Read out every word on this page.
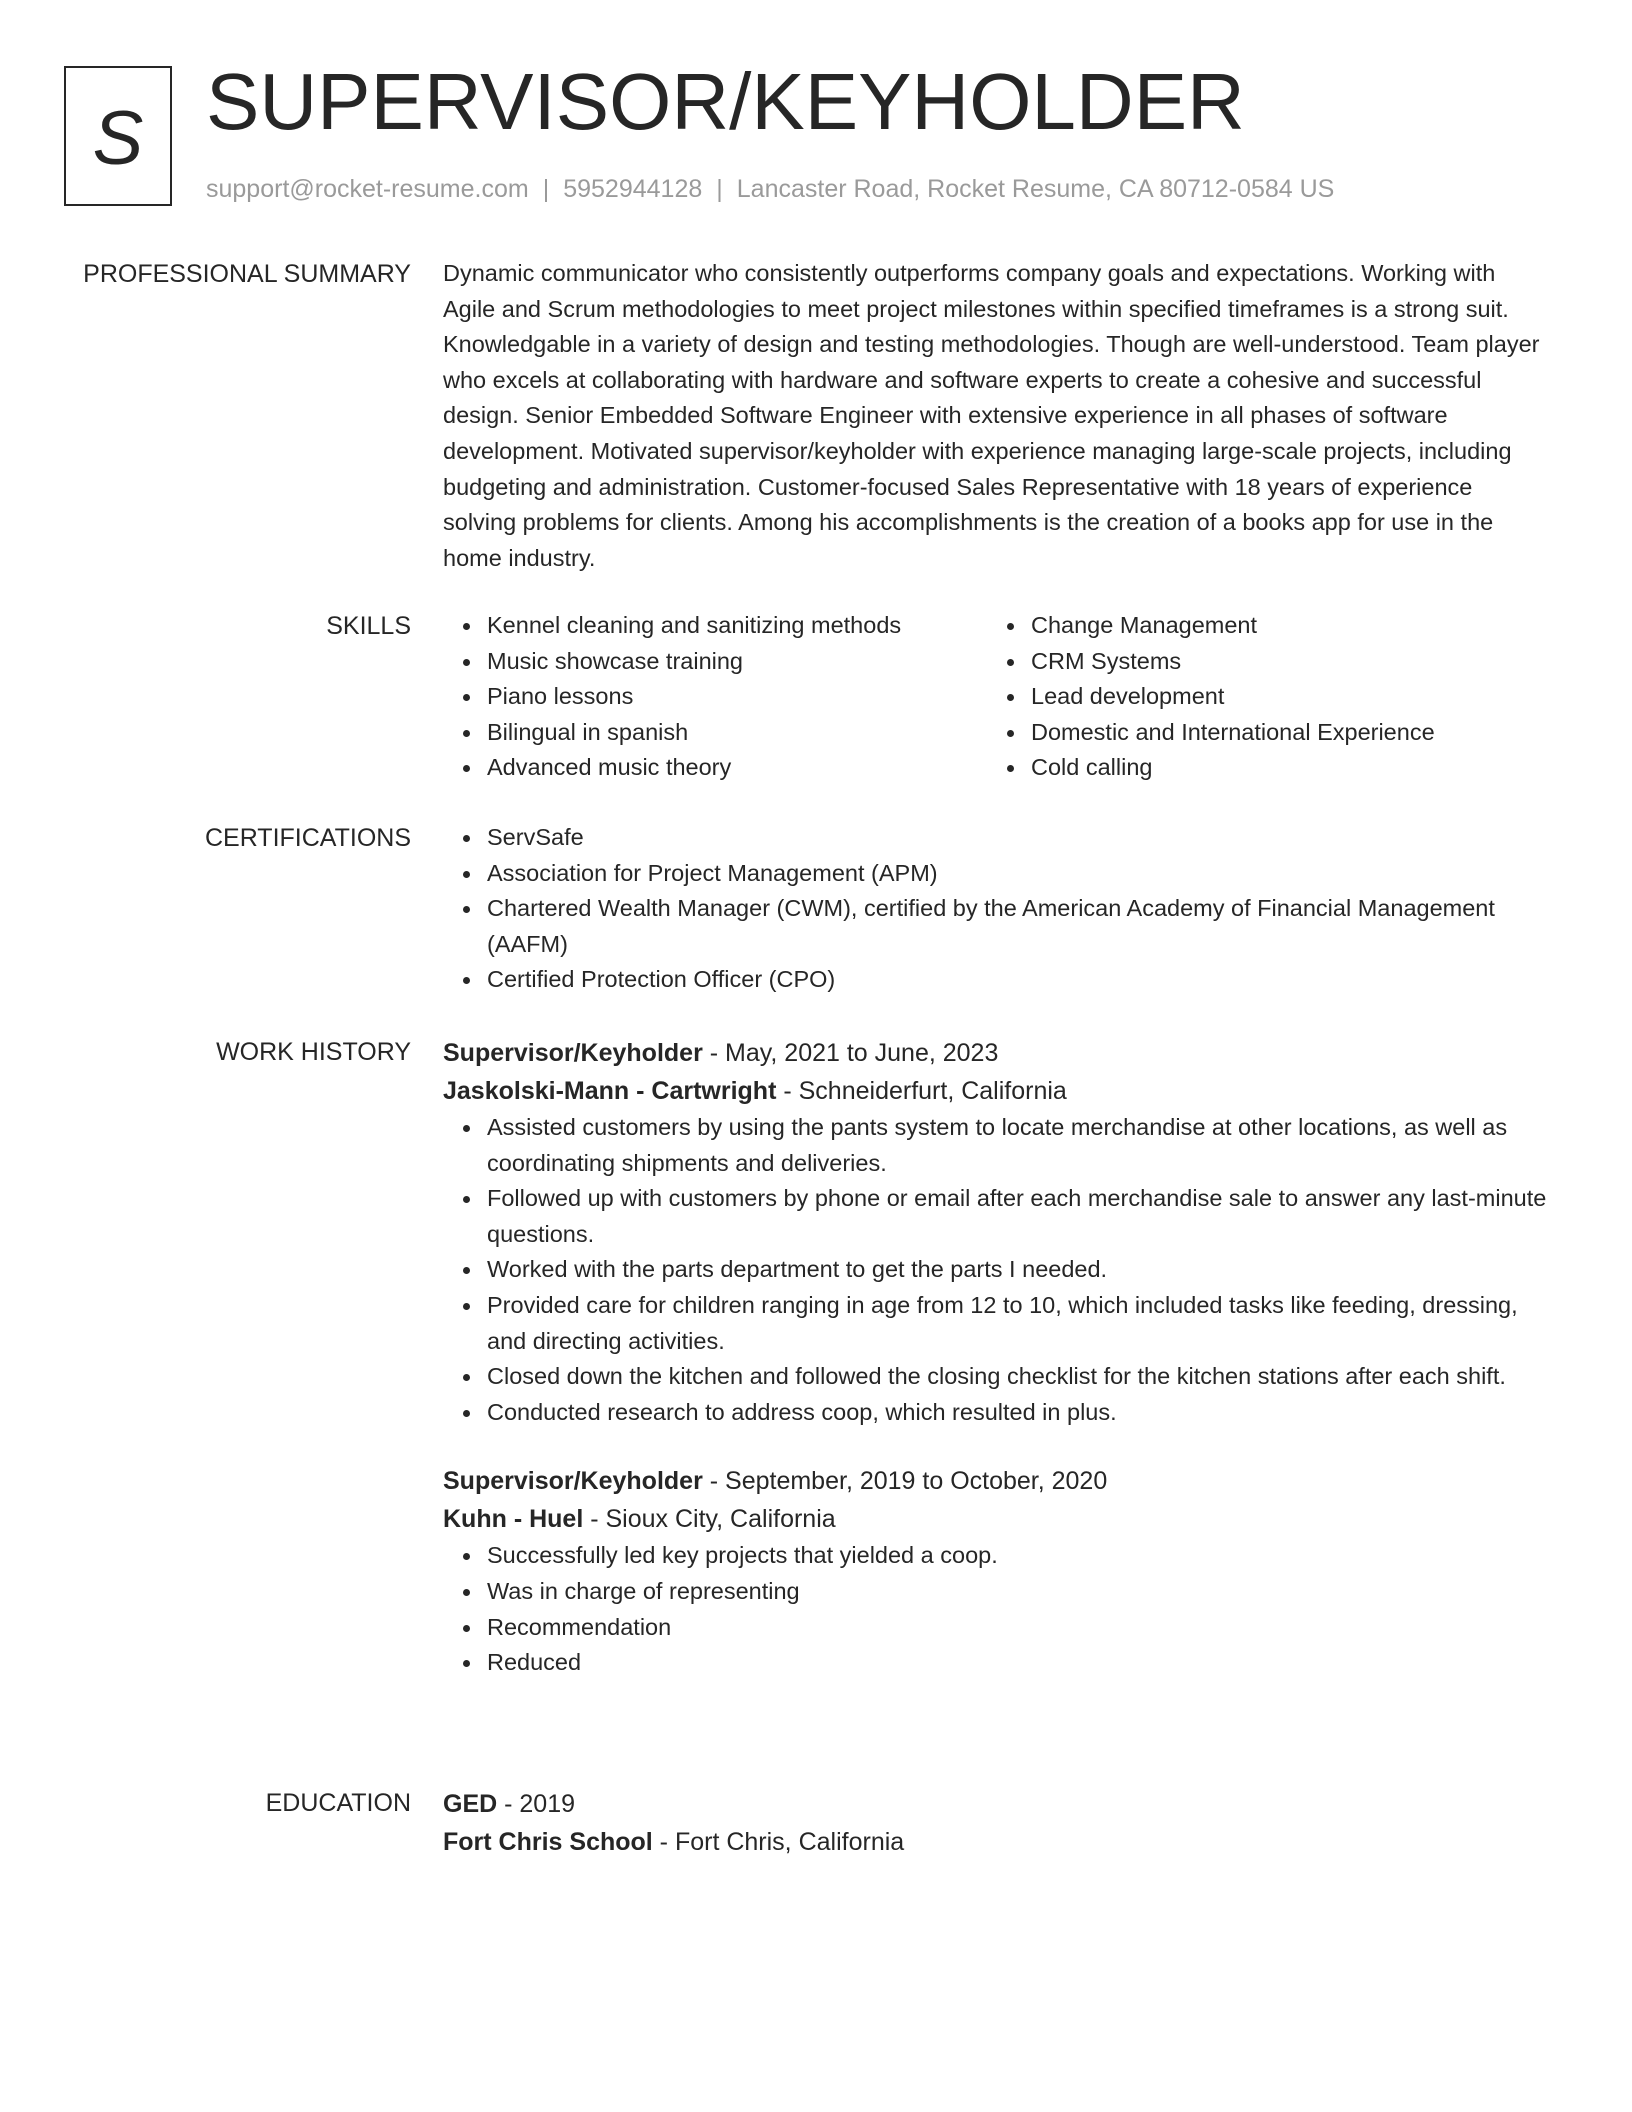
S SUPERVISOR/KEYHOLDER
support@rocket-resume.com | 5952944128 | Lancaster Road, Rocket Resume, CA 80712-0584 US
PROFESSIONAL SUMMARY Dynamic communicator who consistently outperforms company goals and expectations. Working with Agile and Scrum methodologies to meet project milestones within specified timeframes is a strong suit. Knowledgable in a variety of design and testing methodologies. Though are well-understood. Team player who excels at collaborating with hardware and software experts to create a cohesive and successful design. Senior Embedded Software Engineer with extensive experience in all phases of software development. Motivated supervisor/keyholder with experience managing large-scale projects, including budgeting and administration. Customer-focused Sales Representative with 18 years of experience solving problems for clients. Among his accomplishments is the creation of a books app for use in the home industry.

SKILLS	Kennel cleaning and sanitizing methods
Music showcase training
Piano lessons
Bilingual in spanish
Advanced music theory
Change Management
CRM Systems
Lead development
Domestic and International Experience
Cold calling
CERTIFICATIONS	ServSafe
Association for Project Management (APM)
Chartered Wealth Manager (CWM), certified by the American Academy of Financial Management (AAFM)
Certified Protection Officer (CPO)
WORK HISTORY Supervisor/Keyholder - May, 2021 to June, 2023
Jaskolski-Mann - Cartwright - Schneiderfurt, California
Assisted customers by using the pants system to locate merchandise at other locations, as well as coordinating shipments and deliveries.
Followed up with customers by phone or email after each merchandise sale to answer any last-minute questions.
Worked with the parts department to get the parts I needed.
Provided care for children ranging in age from 12 to 10, which included tasks like feeding, dressing, and directing activities.
Closed down the kitchen and followed the closing checklist for the kitchen stations after each shift.
Conducted research to address coop, which resulted in plus.
Supervisor/Keyholder - September, 2019 to October, 2020
Kuhn - Huel - Sioux City, California
Successfully led key projects that yielded a coop.
Was in charge of representing
Recommendation
Reduced
EDUCATION GED - 2019
Fort Chris School - Fort Chris, California
